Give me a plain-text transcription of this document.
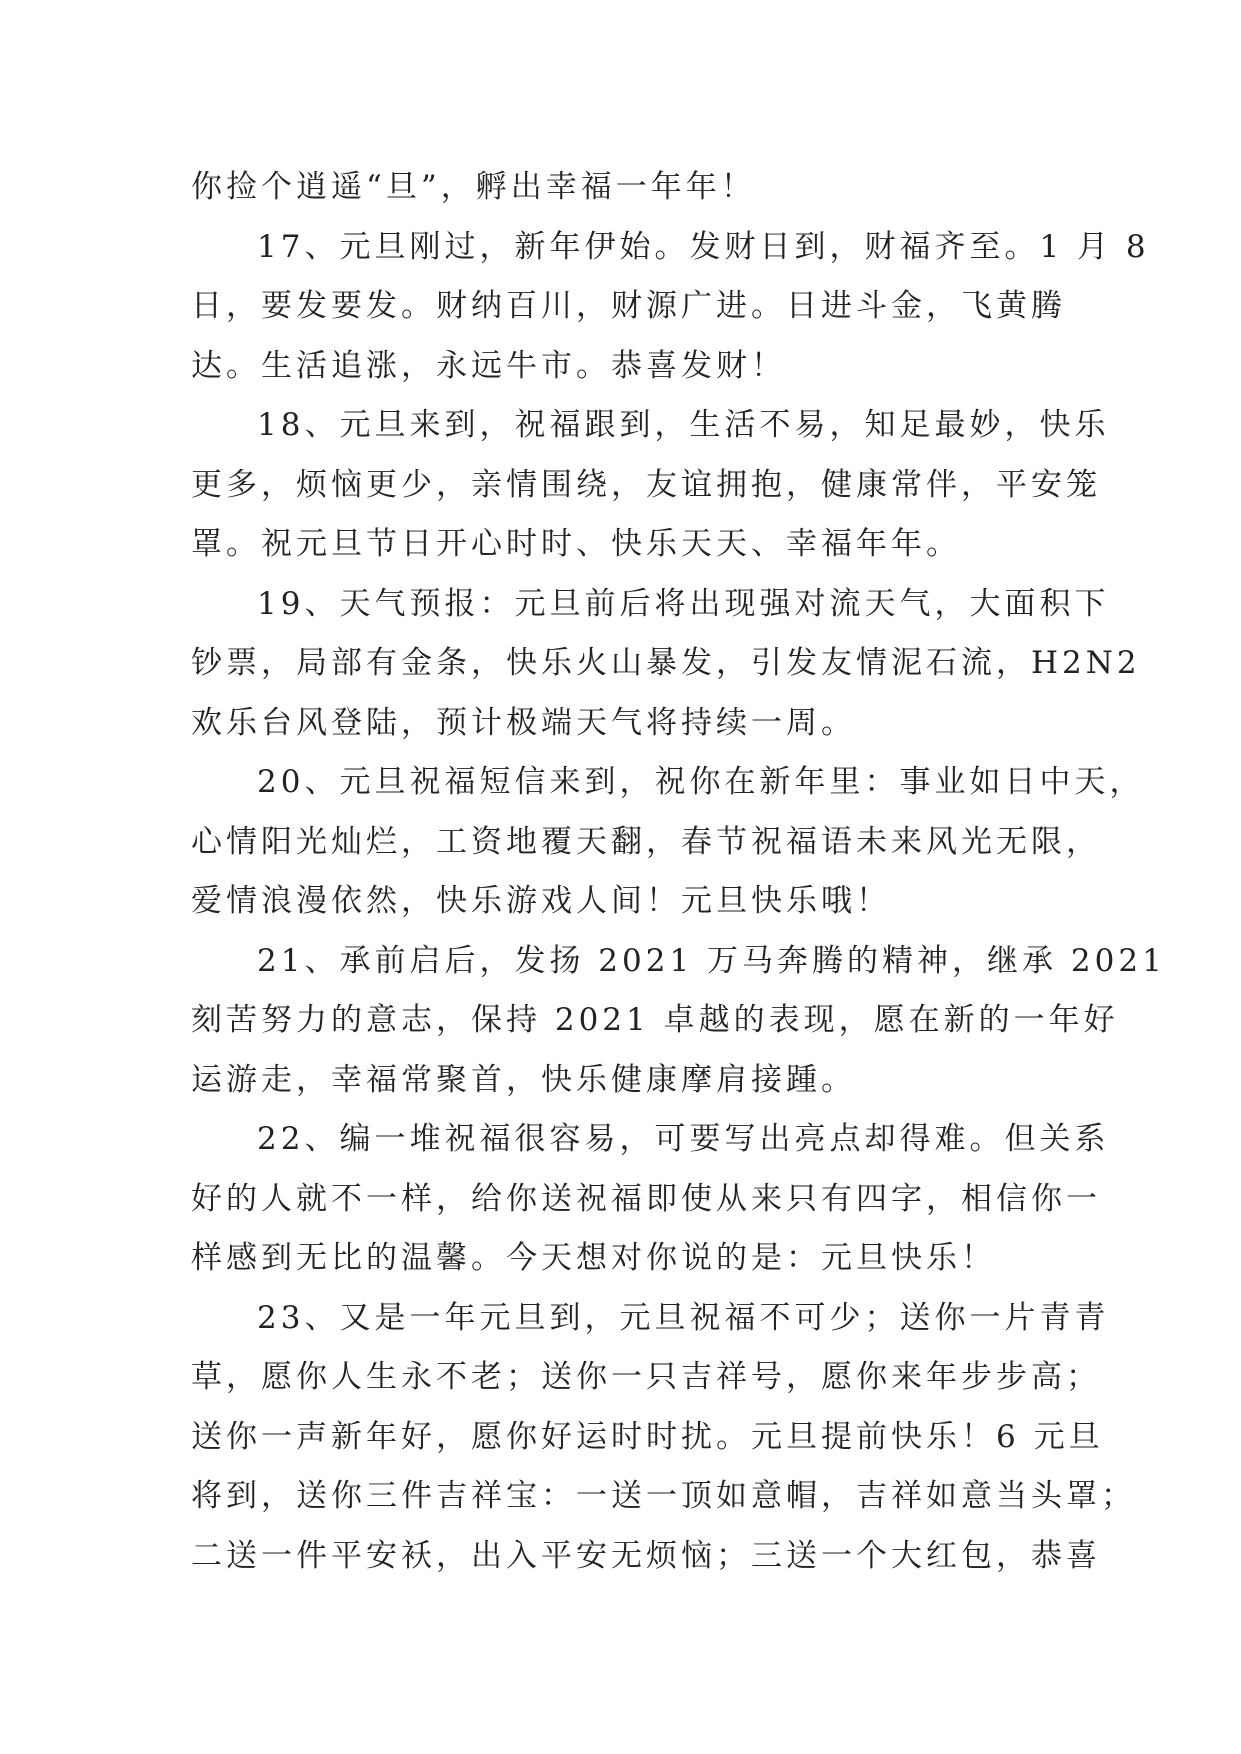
你捡个逍遥“旦”，孵出幸福一年年！
17、元旦刚过，新年伊始。发财日到，财福齐至。1 月 8
日，要发要发。财纳百川，财源广进。日进斗金，飞黄腾
达。生活追涨，永远牛市。恭喜发财！
18、元旦来到，祝福跟到，生活不易，知足最妙，快乐
更多，烦恼更少，亲情围绕，友谊拥抱，健康常伴，平安笼
罩。祝元旦节日开心时时、快乐天天、幸福年年。
19、天气预报：元旦前后将出现强对流天气，大面积下
钞票，局部有金条，快乐火山暴发，引发友情泥石流，H2N2
欢乐台风登陆，预计极端天气将持续一周。
20、元旦祝福短信来到，祝你在新年里：事业如日中天，
心情阳光灿烂，工资地覆天翻，春节祝福语未来风光无限，
爱情浪漫依然，快乐游戏人间！元旦快乐哦！
21、承前启后，发扬 2021 万马奔腾的精神，继承 2021
刻苦努力的意志，保持 2021 卓越的表现，愿在新的一年好
运游走，幸福常聚首，快乐健康摩肩接踵。
22、编一堆祝福很容易，可要写出亮点却得难。但关系
好的人就不一样，给你送祝福即使从来只有四字，相信你一
样感到无比的温馨。今天想对你说的是：元旦快乐！
23、又是一年元旦到，元旦祝福不可少；送你一片青青
草，愿你人生永不老；送你一只吉祥号，愿你来年步步高；
送你一声新年好，愿你好运时时扰。元旦提前快乐！6 元旦
将到，送你三件吉祥宝：一送一顶如意帽，吉祥如意当头罩；
二送一件平安袄，出入平安无烦恼；三送一个大红包，恭喜
